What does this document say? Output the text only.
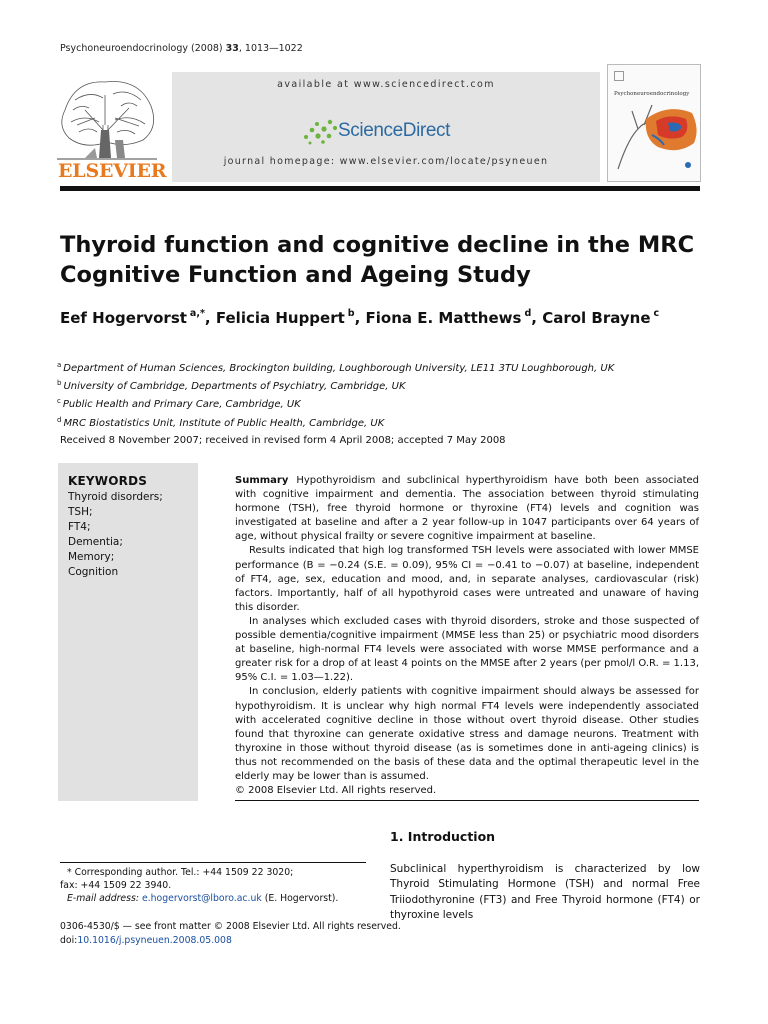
Psychoneuroendocrinology (2008) 33, 1013—1022
ELSEVIER
available at www.sciencedirect.com
ScienceDirect
journal homepage: www.elsevier.com/locate/psyneuen
Psychoneuroendocrinology
Thyroid function and cognitive decline in the MRC Cognitive Function and Ageing Study
Eef Hogervorst $^{a,*}$, Felicia Huppert $^b$, Fiona E. Matthews $^d$, Carol Brayne $^c$
$^a$ Department of Human Sciences, Brockington building, Loughborough University, LE11 3TU Loughborough, UK
$^b$ University of Cambridge, Departments of Psychiatry, Cambridge, UK
$^c$ Public Health and Primary Care, Cambridge, UK
$^d$ MRC Biostatistics Unit, Institute of Public Health, Cambridge, UK
Received 8 November 2007; received in revised form 4 April 2008; accepted 7 May 2008
KEYWORDS
Thyroid disorders;
TSH;
FT4;
Dementia;
Memory;
Cognition

Summary Hypothyroidism and subclinical hyperthyroidism have both been associated with cognitive impairment and dementia. The association between thyroid stimulating hormone (TSH), free thyroid hormone or thyroxine (FT4) levels and cognition was investigated at baseline and after a 2 year follow-up in 1047 participants over 64 years of age, without physical frailty or severe cognitive impairment at baseline.

Results indicated that high log transformed TSH levels were associated with lower MMSE performance (B = −0.24 (S.E. = 0.09), 95% CI = −0.41 to −0.07) at baseline, independent of FT4, age, sex, education and mood, and, in separate analyses, cardiovascular (risk) factors. Importantly, half of all hypothyroid cases were untreated and unaware of having this disorder.

In analyses which excluded cases with thyroid disorders, stroke and those suspected of possible dementia/cognitive impairment (MMSE less than 25) or psychiatric mood disorders at baseline, high-normal FT4 levels were associated with worse MMSE performance and a greater risk for a drop of at least 4 points on the MMSE after 2 years (per pmol/l O.R. = 1.13, 95% C.I. = 1.03—1.22).

In conclusion, elderly patients with cognitive impairment should always be assessed for hypothyroidism. It is unclear why high normal FT4 levels were independently associated with accelerated cognitive decline in those without overt thyroid disease. Other studies found that thyroxine can generate oxidative stress and damage neurons. Treatment with thyroxine in those without thyroid disease (as is sometimes done in anti-ageing clinics) is thus not recommended on the basis of these data and the optimal therapeutic level in the elderly may be lower than is assumed.

© 2008 Elsevier Ltd. All rights reserved.

1. Introduction
Subclinical hyperthyroidism is characterized by low Thyroid Stimulating Hormone (TSH) and normal Free Triiodothyronine (FT3) and Free Thyroid hormone (FT4) or thyroxine levels
* Corresponding author. Tel.: +44 1509 22 3020;
fax: +44 1509 22 3940.
E-mail address: e.hogervorst@lboro.ac.uk (E. Hogervorst).
0306-4530/$ — see front matter © 2008 Elsevier Ltd. All rights reserved.
doi:10.1016/j.psyneuen.2008.05.008
